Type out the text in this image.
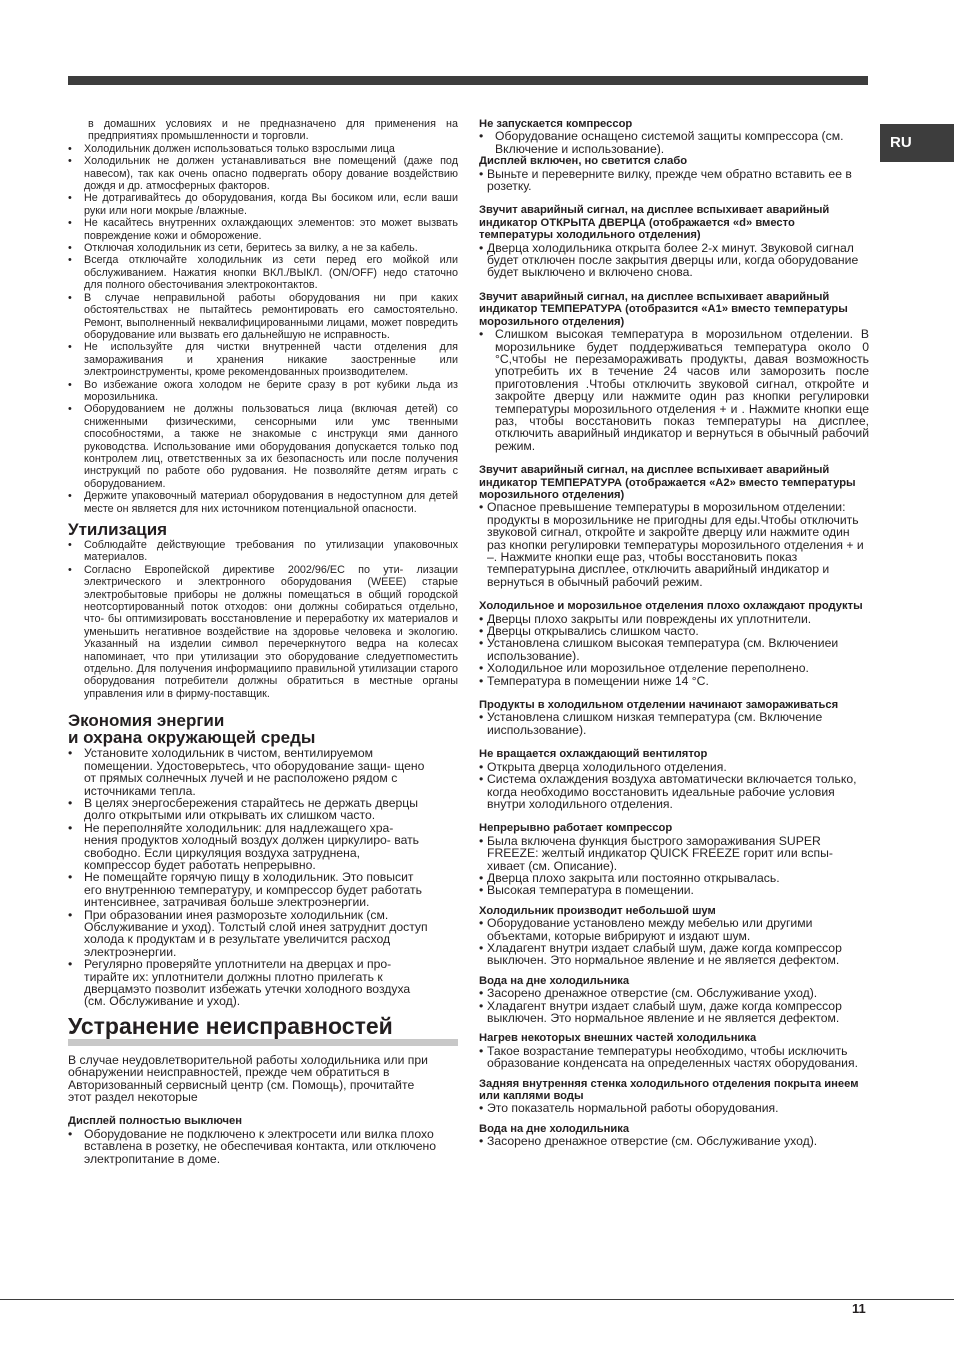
RU

в домашних условиях и не предназначено для применения на предприятиях промышленности и торговли.

• Холодильник должен использоваться только взрослыми лица
• Холодильник не должен устанавливаться вне помещений (даже под навесом), так как очень опасно подвергать обору дование воздействию дождя и др. атмосферных факторов.
• Не дотрагивайтесь до оборудования, когда Вы босиком или, если ваши руки или ноги мокрые /влажные.
• Не касайтесь внутренних охлаждающих элементов: это может вызвать повреждение кожи и обморожение.
• Отключая холодильник из сети, беритесь за вилку, а не за кабель.
• Всегда отключайте холодильник из сети перед его мойкой или обслуживанием. Нажатия кнопки ВКЛ./ВЫКЛ. (ON/OFF) недо статочно для полного обесточивания электроконтактов.
• В случае неправильной работы оборудования ни при каких обстоятельствах не пытайтесь ремонтировать его самостоятельно. Ремонт, выполненный неквалифицированными лицами, может повредить оборудование или вызвать его дальнейшую не исправность.
• Не используйте для чистки внутренней части отделения для замораживания и хранения никакие заостренные или электроинструменты, кроме рекомендованных производителем.
• Во избежание ожога холодом не берите сразу в рот кубики льда из морозильника.
• Оборудованием не должны пользоваться лица (включая детей) со сниженными физическими, сенсорными или умс твенными способностями, а также не знакомые с инструкци ями данного руководства. Использование ими оборудования допускается только под контролем лиц, ответственных за их безопасность или после получения инструкций по работе обо рудования. Не позволяйте детям играть с оборудованием.
• Держите упаковочный материал оборудования в недоступном для детей месте он является для них источником потенциальной опасности.
Утилизация
• Соблюдайте действующие требования по утилизации упаковочных материалов.
• Согласно Европейской директиве 2002/96/ЕС по ути- лизации электрического и электронного оборудования (WEEE) старые электробытовые приборы не должны помещаться в общий городской неотсортированный поток отходов: они должны собираться отдельно, что- бы оптимизировать восстановление и переработку их материалов и уменьшить негативное воздействие на здоровье человека и экологию. Указанный на изделии символ перечеркнутого ведра на колесах напоминает, что при утилизации это оборудование следуетпоместить отдельно. Для получения информациипо правильной утилизации старого оборудования потребители должны обратиться в местные органы управления или в фирму-поставщик.
Экономия энергии
и охрана окружающей среды
• Установите холодильник в чистом, вентилируемом помещении. Удостоверьтесь, что оборудование защи- щено от прямых солнечных лучей и не расположено рядом с источниками тепла.
• В целях энергосбережения старайтесь не держать дверцы долго открытыми или открывать их слишком часто.
• Не переполняйте холодильник: для надлежащего хра- нения продуктов холодный воздух должен циркулиро- вать свободно. Если циркуляция воздуха затруднена, компрессор будет работать непрерывно.
• Не помещайте горячую пищу в холодильник. Это повысит его внутреннюю температуру, и компрессор будет работать интенсивнее, затрачивая больше электроэнергии.
• При образовании инея разморозьте холодильник (см. Обслуживание и уход). Толстый слой инея затруднит доступ холода к продуктам и в результате увеличится расход электроэнергии.
• Регулярно проверяйте уплотнители на дверцах и про- тирайте их: уплотнители должны плотно прилегать к дверцамэто позволит избежать утечки холодного воздуха (см. Обслуживание и уход).
Устранение неисправностей

В случае неудовлетворительной работы холодильника или при обнаружении неисправностей, прежде чем обратиться в Авторизованный сервисный центр (см. Помощь), прочитайте этот раздел некоторые

Дисплей полностью выключен

• Оборудование не подключено к электросети или вилка плохо вставлена в розетку, не обеспечивая контакта, или отключено электропитание в доме.

Не запускается компрессор

• Оборудование оснащено системой защиты компрессора (см. Включение и использование).

Дисплей включен, но светится слабо

• Выньте и переверните вилку, прежде чем обратно вставить ее в розетку.

Звучит аварийный сигнал, на дисплее вспыхивает аварийный индикатор ОТКРЫТА ДВЕРЦА (отображается «d» вместо температуры холодильного отделения)

• Дверца холодильника открыта более 2-х минут. Звуковой сигнал будет отключен после закрытия дверцы или, когда оборудование будет выключено и включено снова.

Звучит аварийный сигнал, на дисплее вспыхивает аварийный индикатор ТЕМПЕРАТУРА (отобразится «А1» вместо температуры морозильного отделения)

• Слишком высокая температура в морозильном отделении. В морозильнике будет поддерживаться температура около 0 °С,чтобы не перезамораживать продукты, давая возможность употребить их в течение 24 часов или заморозить после приготовления .Чтобы отключить звуковой сигнал, откройте и закройте дверцу или нажмите один раз кнопки регулировки температуры морозильного отделения + и . Нажмите кнопки еще раз, чтобы восстановить показ температуры на дисплее, отключить аварийный индикатор и вернуться в обычный рабочий режим.

Звучит аварийный сигнал, на дисплее вспыхивает аварийный индикатор ТЕМПЕРАТУРА (отображается «А2» вместо температуры морозильного отделения)

• Опасное превышение температуры в морозильном отделении: продукты в морозильнике не пригодны для еды.Чтобы отключить звуковой сигнал, откройте и закройте дверцу или нажмите один раз кнопки регулировки температуры морозильного отделения + и –. Нажмите кнопки еще раз, чтобы восстановить показ температурына дисплее, отключить аварийный индикатор и вернуться в обычный рабочий режим.

Холодильное и морозильное отделения плохо охлаждают продукты

• Дверцы плохо закрыты или повреждены их уплотнители.
• Дверцы открывались слишком часто.
• Установлена слишком высокая температура (см. Включениеи использование).
• Холодильное или морозильное отделение переполнено.
• Температура в помещении ниже 14 °С.

Продукты в холодильном отделении начинают замораживаться

• Установлена слишком низкая температура (см. Включение ииспользование).

Не вращается охлаждающий вентилятор

• Открыта дверца холодильного отделения.
• Система охлаждения воздуха автоматически включается только, когда необходимо восстановить идеальные рабочие условия внутри холодильного отделения.

Непрерывно работает компрессор

• Была включена функция быстрого замораживания SUPER FREEZE: желтый индикатор QUICK FREEZE горит или вспы- хивает (см. Описание).
• Дверца плохо закрыта или постоянно открывалась.
• Высокая температура в помещении.

Холодильник производит небольшой шум

• Оборудование установлено между мебелью или другими объектами, которые вибрируют и издают шум.
• Хладагент внутри издает слабый шум, даже когда компрессор выключен. Это нормальное явление и не является дефектом.

Вода на дне холодильника

• Засорено дренажное отверстие (см. Обслуживание уход).
• Хладагент внутри издает слабый шум, даже когда компрессор выключен. Это нормальное явление и не является дефектом.

Нагрев некоторых внешних частей холодильника

• Такое возрастание температуры необходимо, чтобы исключить образование конденсата на определенных частях оборудования.

Задняя внутренняя стенка холодильного отделения покрыта инеем или каплями воды

• Это показатель нормальной работы оборудования.

Вода на дне холодильника

• Засорено дренажное отверстие (см. Обслуживание уход).
11
